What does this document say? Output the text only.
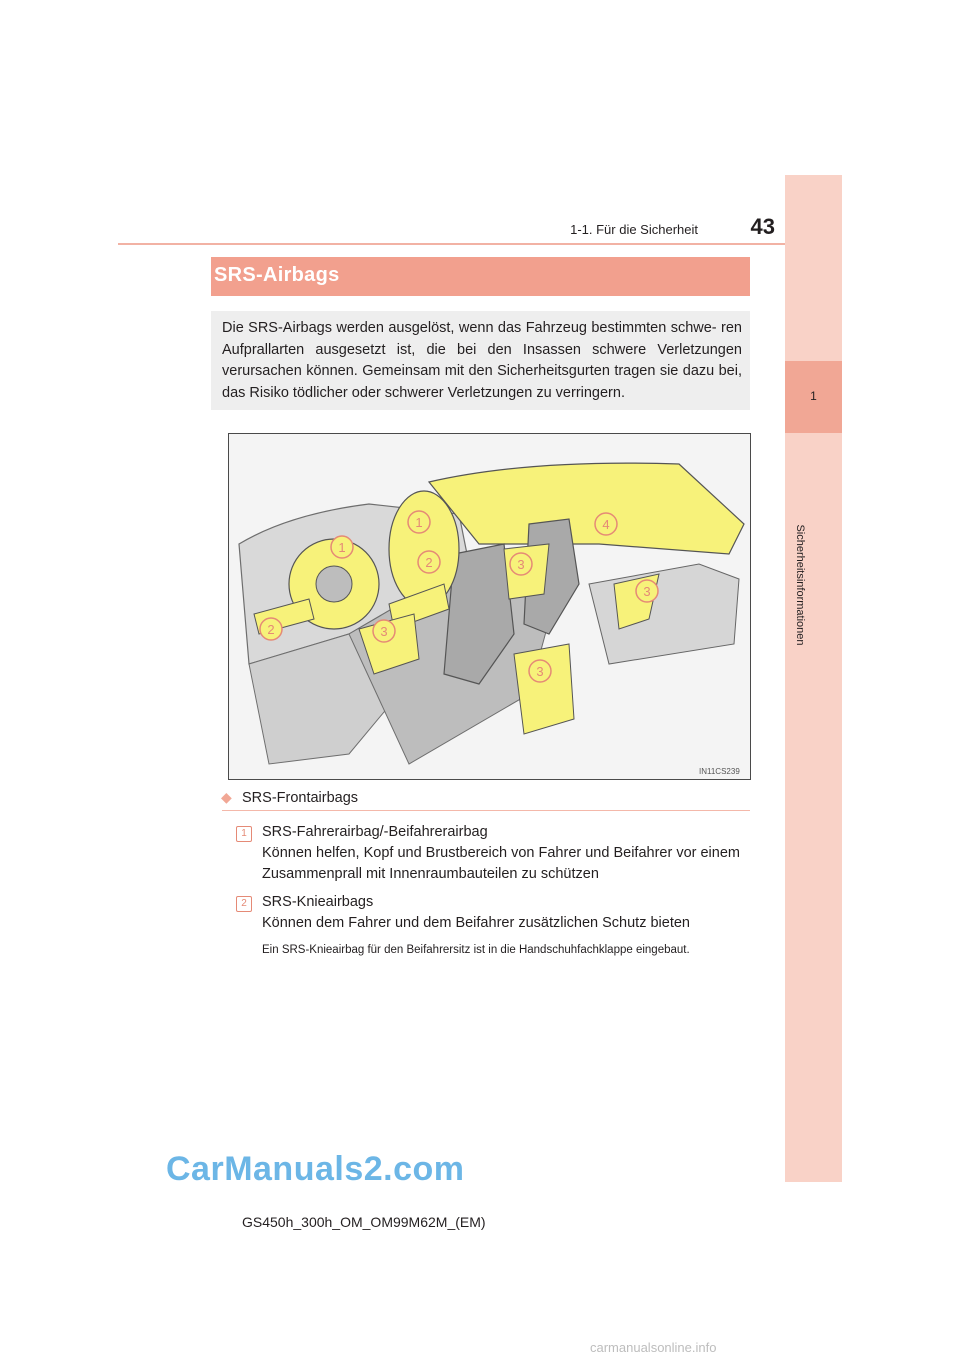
1-1. Für die Sicherheit 43
1
Sicherheitsinformationen
SRS-Airbags
Die SRS-Airbags werden ausgelöst, wenn das Fahrzeug bestimmten schwe- ren Aufprallarten ausgesetzt ist, die bei den Insassen schwere Verletzungen verursachen können. Gemeinsam mit den Sicherheitsgurten tragen sie dazu bei, das Risiko tödlicher oder schwerer Verletzungen zu verringern.
1
1
2
2
3
3
3
3
4
IN11CS239
◆ SRS-Frontairbags
1	SRS-Fahrerairbag/-Beifahrerairbag
Können helfen, Kopf und Brustbereich von Fahrer und Beifahrer vor einem
Zusammenprall mit Innenraumbauteilen zu schützen
2	SRS-Knieairbags
Können dem Fahrer und dem Beifahrer zusätzlichen Schutz bieten
Ein SRS-Knieairbag für den Beifahrersitz ist in die Handschuhfachklappe eingebaut.
CarManuals2.com
GS450h_300h_OM_OM99M62M_(EM)
carmanualsonline.info
